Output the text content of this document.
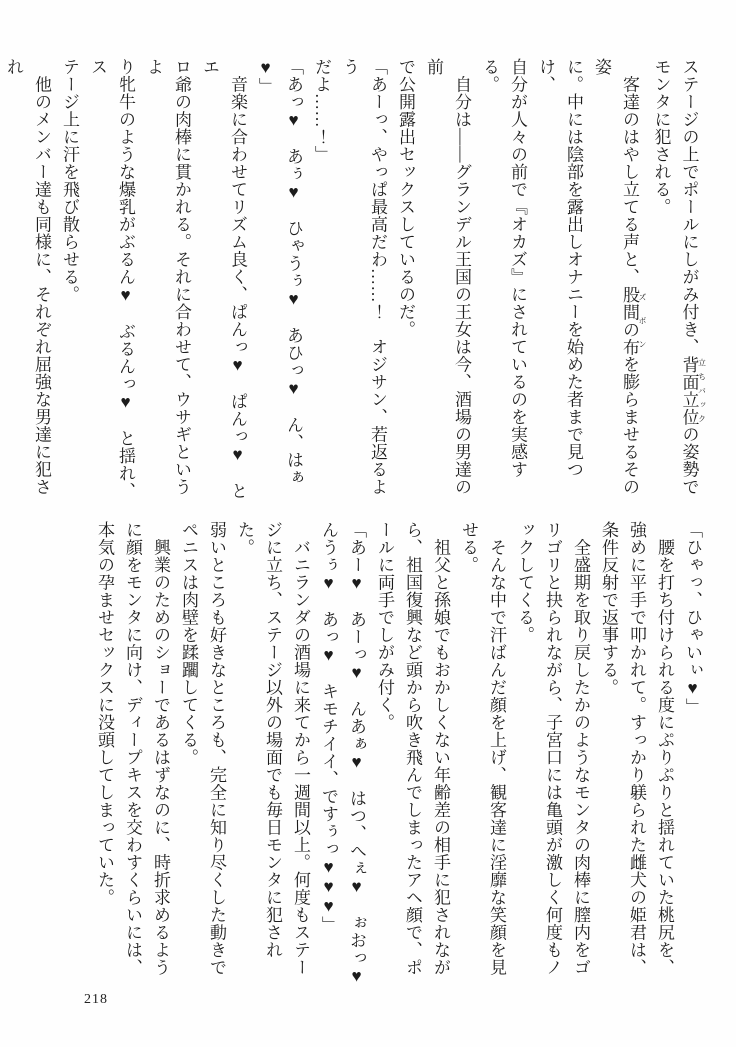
ステージの上でポールにしがみ付き、背面立位 立ちバックの姿勢で

モンタに犯される。

　客達のはやし立てる声と、股間の布 ズボンを膨らませるその姿

に。中には陰部を露出しオナニーを始めた者まで見つけ、

自分が人々の前で『オカズ』にされているのを実感する。

　自分は――グランデル王国の王女は今、酒場の男達の前

で公開露出セックスしているのだ。

「あーっ、やっぱ最高だわ……！　オジサン、若返るよう

だよ……！」

「あっ♥　あぅ♥　ひゃうぅ♥　あひっ♥　ん、はぁ♥」

　音楽に合わせてリズム良く、ぱんっ♥　ぱんっ♥　とエ

ロ爺の肉棒に貫かれる。それに合わせて、ウサギというよ

り牝牛のような爆乳がぶるん♥　ぶるんっ♥　と揺れ、ス

テージ上に汗を飛び散らせる。

　他のメンバー達も同様に、それぞれ屈強な男達に犯され

「ひゃっ、ひゃいぃ♥」

　腰を打ち付けられる度にぷりぷりと揺れていた桃尻を、

強めに平手で叩かれて。すっかり躾られた雌犬の姫君は、

条件反射で返事する。

　全盛期を取り戻したかのようなモンタの肉棒に膣内をゴ

リゴリと抉られながら、子宮口には亀頭が激しく何度もノ

ックしてくる。

　そんな中で汗ばんだ顔を上げ、観客達に淫靡な笑顔を見

せる。

　祖父と孫娘でもおかしくない年齢差の相手に犯されなが

ら、祖国復興など頭から吹き飛んでしまったアヘ顔で、ポ

ールに両手でしがみ付く。

「あー♥　あーっ♥　んあぁ♥　はつ、へぇ♥　ぉおっ♥

んうぅ♥　あっ♥　キモチイイ、ですぅっ♥♥♥」

　バニランダの酒場に来てから一週間以上。何度もステー

ジに立ち、ステージ以外の場面でも毎日モンタに犯された。

弱いところも好きなところも、完全に知り尽くした動きで

ペニスは肉壁を蹂躙してくる。

　興業のためのショーであるはずなのに、時折求めるよう

に顔をモンタに向け、ディープキスを交わすくらいには、

本気の孕ませセックスに没頭してしまっていた。

218
